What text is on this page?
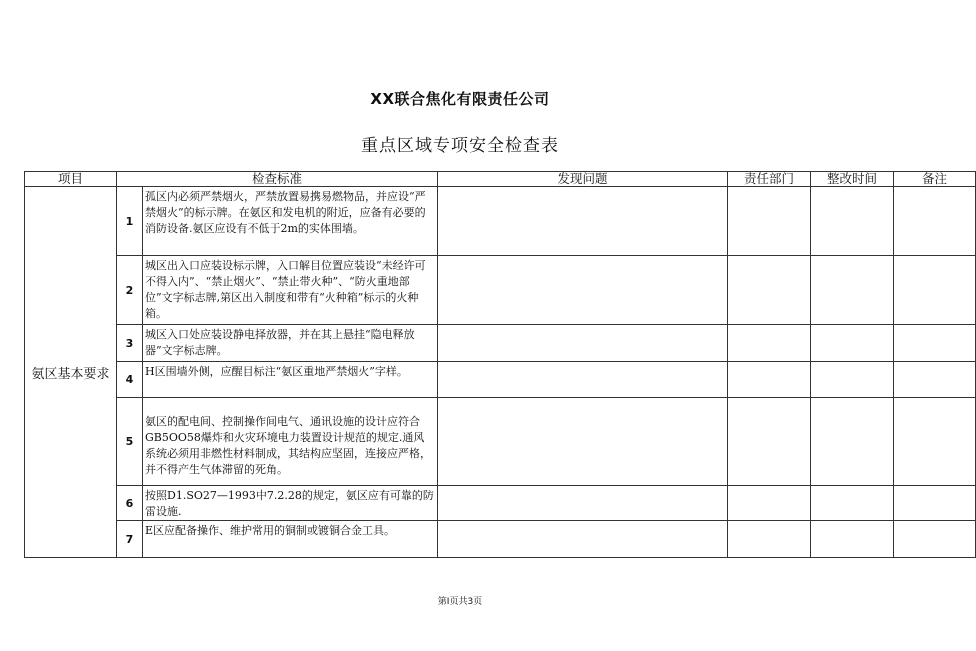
XX联合焦化有限责任公司
重点区域专项安全检查表
项目	检查标准		发现问题	责任部门	整改时间	备注
氨区基本要求	1	孤区内必须严禁烟火，严禁放置易携易燃物品，并应设“严禁烟火”的标示牌。在氨区和发电机的附近，应备有必要的消防设备.氨区应设有不低于2m的实体围墙。				

	2	城区出入口应装设标示牌，入口解目位置应装设“未经许可不得入内”、“禁止烟火”、“禁止带火种”、“防火重地部位”文字标志牌,第区出入制度和带有“火种箱”标示的火种箱。				

	3	城区入口处应装设静电择放器，并在其上悬挂“隐电释放器”文字标志牌。				

	4	H区围墙外侧，应醒目标注“氨区重地严禁烟火”字样。				

	5	氨区的配电间、控制操作间电气、通讯设施的设计应符合GB5OO58爆炸和火灾环境电力装置设计规范的规定.通风系统必须用非燃性材料制成，其结构应坚固，连接应严格，并不得产生气体滞留的死角。				

	6	按照D1.SO27—1993中7.2.28的规定，氨区应有可靠的防雷设施.				

	7	E区应配备操作、维护常用的铜制或镀铜合金工具。				

第I页共3页
